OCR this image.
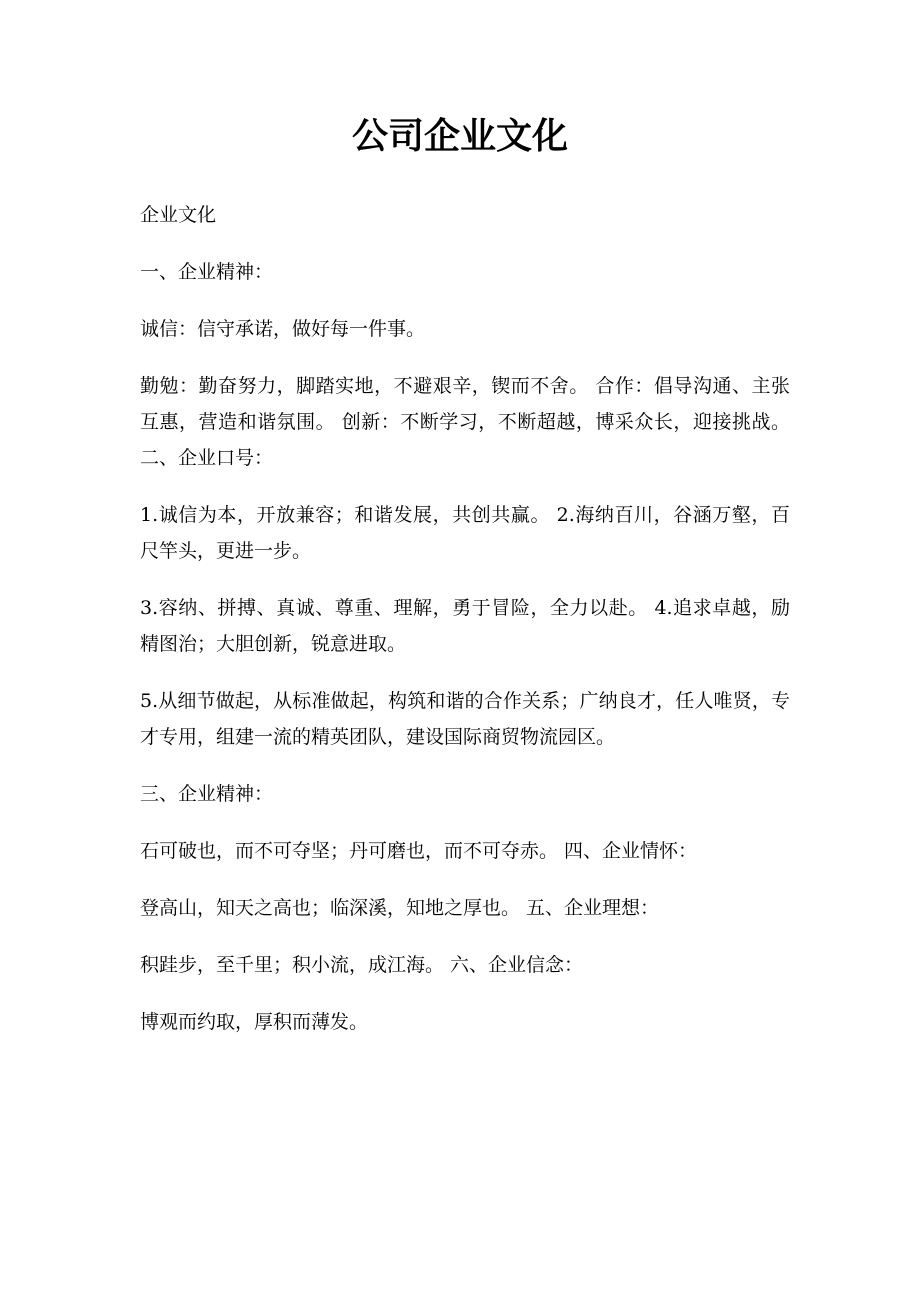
公司企业文化

企业文化

一、企业精神：

诚信：信守承诺，做好每一件事。

勤勉：勤奋努力，脚踏实地，不避艰辛，锲而不舍。 合作：倡导沟通、主张互惠，营造和谐氛围。 创新：不断学习，不断超越，博采众长，迎接挑战。 二、企业口号：

1.诚信为本，开放兼容；和谐发展，共创共赢。 2.海纳百川，谷涵万壑，百尺竿头，更进一步。

3.容纳、拼搏、真诚、尊重、理解，勇于冒险，全力以赴。 4.追求卓越，励精图治；大胆创新，锐意进取。

5.从细节做起，从标准做起，构筑和谐的合作关系；广纳良才，任人唯贤，专才专用，组建一流的精英团队，建设国际商贸物流园区。

三、企业精神：

石可破也，而不可夺坚；丹可磨也，而不可夺赤。 四、企业情怀：

登高山，知天之高也；临深溪，知地之厚也。 五、企业理想：

积跬步，至千里；积小流，成江海。 六、企业信念：

博观而约取，厚积而薄发。
